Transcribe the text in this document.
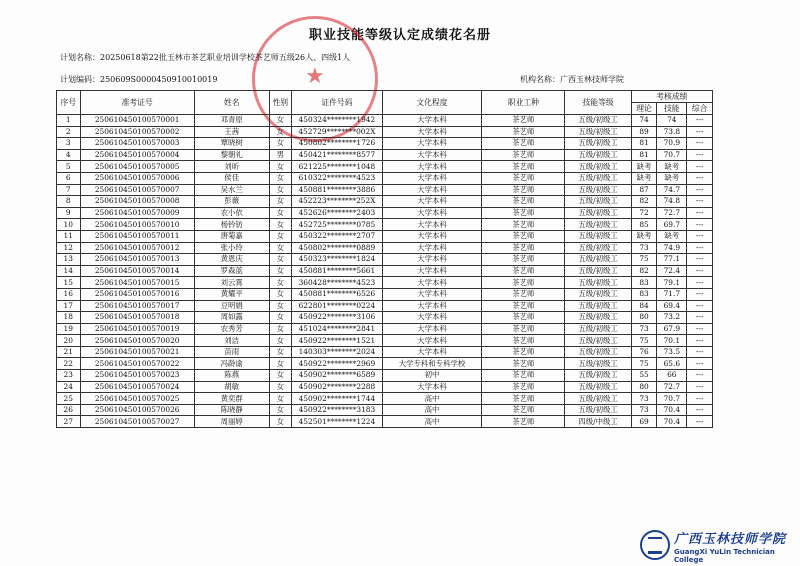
职业技能等级认定成绩花名册
★
计划名称：20250618第22批玉林市茶艺职业培训学校茶艺师五级26人、四级1人
计划编码：250609S0000450910010019	机构名称：广西玉林技师学院
序号	准考证号	姓名	性别	证件号码	文化程度	职业工种	技能等级	考核成绩		
								理论	技能	综合
1	250610450100570001	邓青原	女	450324********1942	大学本科	茶艺师	五级/初级工	74	74	---
2	250610450100570002	王茜	女	452729********002X	大学本科	茶艺师	五级/初级工	89	73.8	---
3	250610450100570003	覃晓树	女	450802********1726	大学本科	茶艺师	五级/初级工	81	70.9	---
4	250610450100570004	黎朝礼	男	450421********8577	大学本科	茶艺师	五级/初级工	81	70.7	---
5	250610450100570005	刘昕	女	621225********1048	大学本科	茶艺师	五级/初级工	缺考	缺考	---
6	250610450100570006	侯佳	女	610322********4523	大学本科	茶艺师	五级/初级工	缺考	缺考	---
7	250610450100570007	吴水兰	女	450881********3886	大学本科	茶艺师	五级/初级工	87	74.7	---
8	250610450100570008	彭薇	女	452223********252X	大学本科	茶艺师	五级/初级工	82	74.8	---
9	250610450100570009	农小依	女	452626********2403	大学本科	茶艺师	五级/初级工	72	72.7	---
10	250610450100570010	杨钤钫	女	452725********0785	大学本科	茶艺师	五级/初级工	85	69.7	---
11	250610450100570011	唐菊嘉	女	450322********2707	大学本科	茶艺师	五级/初级工	缺考	缺考	---
12	250610450100570012	张小玲	女	450802********0889	大学本科	茶艺师	五级/初级工	73	74.9	---
13	250610450100570013	黄恩庆	女	450323********1824	大学本科	茶艺师	五级/初级工	75	77.1	---
14	250610450100570014	罗森蓝	女	450881********5661	大学本科	茶艺师	五级/初级工	82	72.4	---
15	250610450100570015	刘云霄	女	360428********4523	大学本科	茶艺师	五级/初级工	83	79.1	---
16	250610450100570016	黄耀平	女	450881********6526	大学本科	茶艺师	五级/初级工	83	71.7	---
17	250610450100570017	豆明娟	女	622801********0224	大学本科	茶艺师	五级/初级工	84	69.4	---
18	250610450100570018	周如露	女	450922********3106	大学本科	茶艺师	五级/初级工	80	73.2	---
19	250610450100570019	农秀芳	女	451024********2841	大学本科	茶艺师	五级/初级工	73	67.9	---
20	250610450100570020	刘洁	女	450922********1521	大学本科	茶艺师	五级/初级工	75	70.1	---
21	250610450100570021	苗雨	女	140303********2024	大学本科	茶艺师	五级/初级工	76	73.5	---
22	250610450100570022	冯龄谕	女	450922********2969	大学专科和专科学校	茶艺师	五级/初级工	75	65.6	---
23	250610450100570023	陈燕	女	450902********6589	初中	茶艺师	五级/初级工	55	66	---
24	250610450100570024	胡敏	女	450902********2288	大学本科	茶艺师	五级/初级工	80	72.7	---
25	250610450100570025	黄奕群	女	450902********1744	高中	茶艺师	五级/初级工	73	70.7	---
26	250610450100570026	陈晓静	女	450922********3183	高中	茶艺师	五级/初级工	73	70.4	---
27	250610450100570027	周丽婷	女	452501********1224	高中	茶艺师	四级/中级工	69	70.4	---
广西玉林技师学院
GuangXi YuLin Technician College
